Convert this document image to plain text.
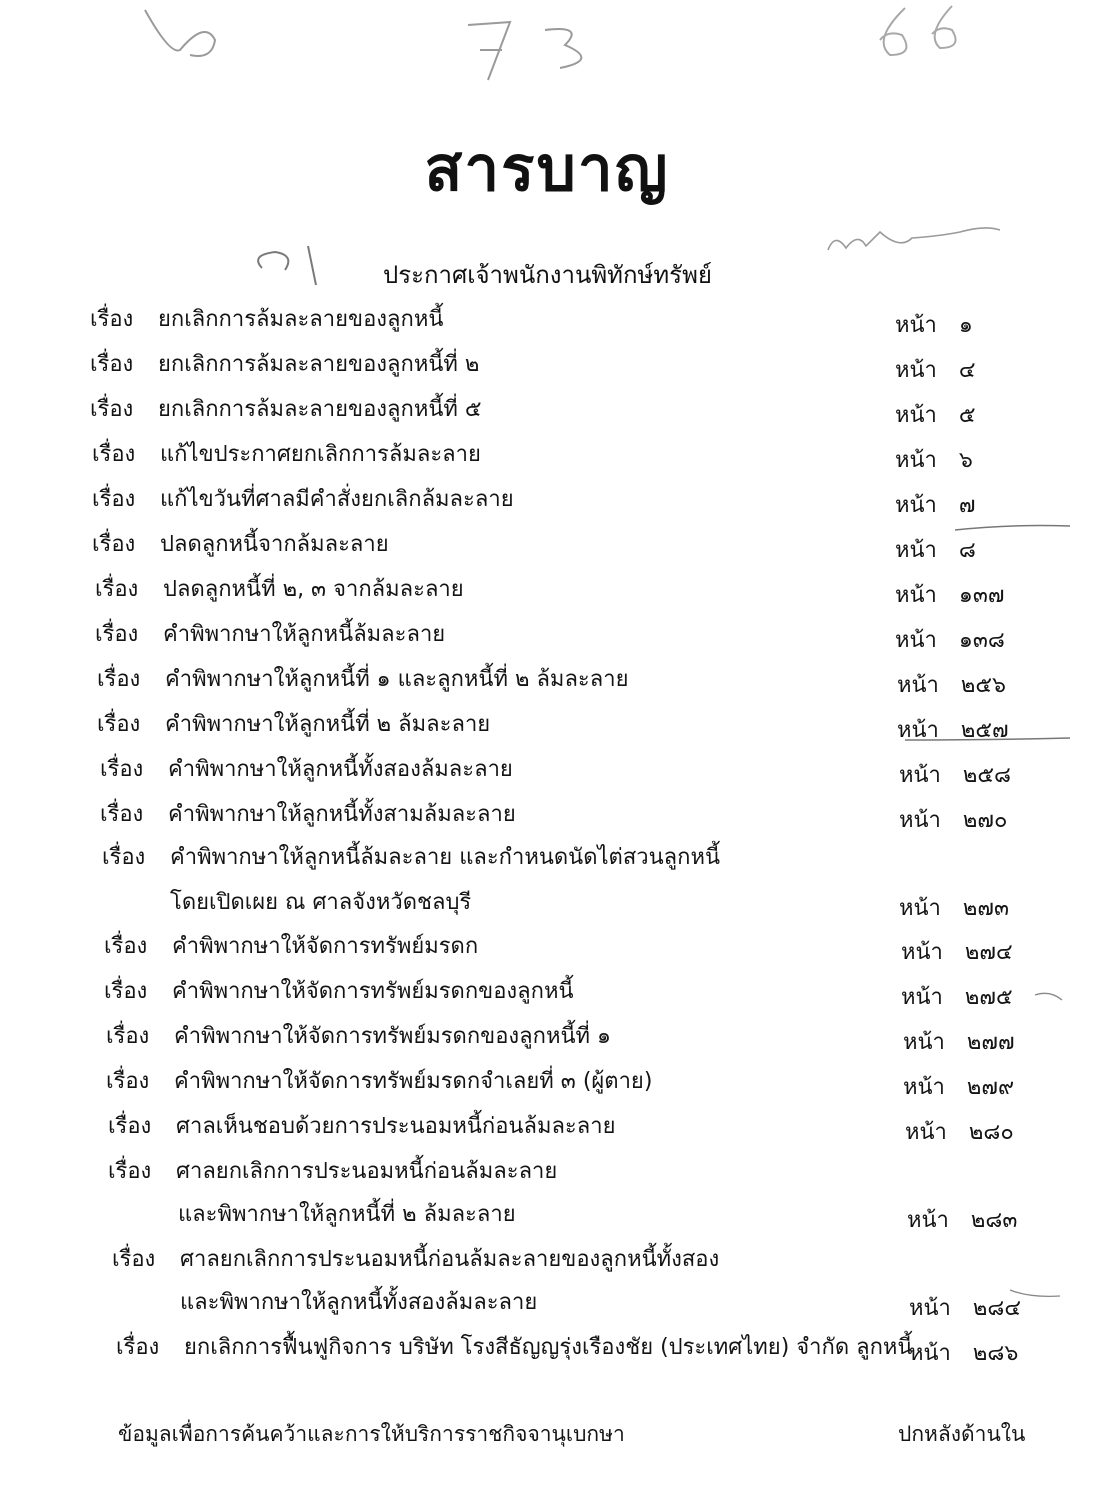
สารบาญ
ประกาศเจ้าพนักงานพิทักษ์ทรัพย์
เรื่อง	ยกเลิกการล้มละลายของลูกหนี้	หน้า ๑
เรื่อง	ยกเลิกการล้มละลายของลูกหนี้ที่ ๒	หน้า ๔
เรื่อง	ยกเลิกการล้มละลายของลูกหนี้ที่ ๕	หน้า ๕
เรื่อง	แก้ไขประกาศยกเลิกการล้มละลาย	หน้า ๖
เรื่อง	แก้ไขวันที่ศาลมีคำสั่งยกเลิกล้มละลาย	หน้า ๗
เรื่อง	ปลดลูกหนี้จากล้มละลาย	หน้า ๘
เรื่อง	ปลดลูกหนี้ที่ ๒, ๓ จากล้มละลาย	หน้า ๑๓๗
เรื่อง	คำพิพากษาให้ลูกหนี้ล้มละลาย	หน้า ๑๓๘
เรื่อง	คำพิพากษาให้ลูกหนี้ที่ ๑ และลูกหนี้ที่ ๒ ล้มละลาย	หน้า ๒๕๖
เรื่อง	คำพิพากษาให้ลูกหนี้ที่ ๒ ล้มละลาย	หน้า ๒๕๗
เรื่อง	คำพิพากษาให้ลูกหนี้ทั้งสองล้มละลาย	หน้า ๒๕๘
เรื่อง	คำพิพากษาให้ลูกหนี้ทั้งสามล้มละลาย	หน้า ๒๗๐
เรื่อง	คำพิพากษาให้ลูกหนี้ล้มละลาย และกำหนดนัดไต่สวนลูกหนี้
โดยเปิดเผย ณ ศาลจังหวัดชลบุรี	หน้า ๒๗๓
เรื่อง	คำพิพากษาให้จัดการทรัพย์มรดก	หน้า ๒๗๔
เรื่อง	คำพิพากษาให้จัดการทรัพย์มรดกของลูกหนี้	หน้า ๒๗๕
เรื่อง	คำพิพากษาให้จัดการทรัพย์มรดกของลูกหนี้ที่ ๑	หน้า ๒๗๗
เรื่อง	คำพิพากษาให้จัดการทรัพย์มรดกจำเลยที่ ๓ (ผู้ตาย)	หน้า ๒๗๙
เรื่อง	ศาลเห็นชอบด้วยการประนอมหนี้ก่อนล้มละลาย	หน้า ๒๘๐
เรื่อง	ศาลยกเลิกการประนอมหนี้ก่อนล้มละลาย
และพิพากษาให้ลูกหนี้ที่ ๒ ล้มละลาย	หน้า ๒๘๓
เรื่อง	ศาลยกเลิกการประนอมหนี้ก่อนล้มละลายของลูกหนี้ทั้งสอง
และพิพากษาให้ลูกหนี้ทั้งสองล้มละลาย	หน้า ๒๘๔
เรื่อง	ยกเลิกการฟื้นฟูกิจการ บริษัท โรงสีธัญญรุ่งเรืองชัย (ประเทศไทย) จำกัด ลูกหนี้
หน้า ๒๘๖
ข้อมูลเพื่อการค้นคว้าและการให้บริการราชกิจจานุเบกษา	ปกหลังด้านใน
